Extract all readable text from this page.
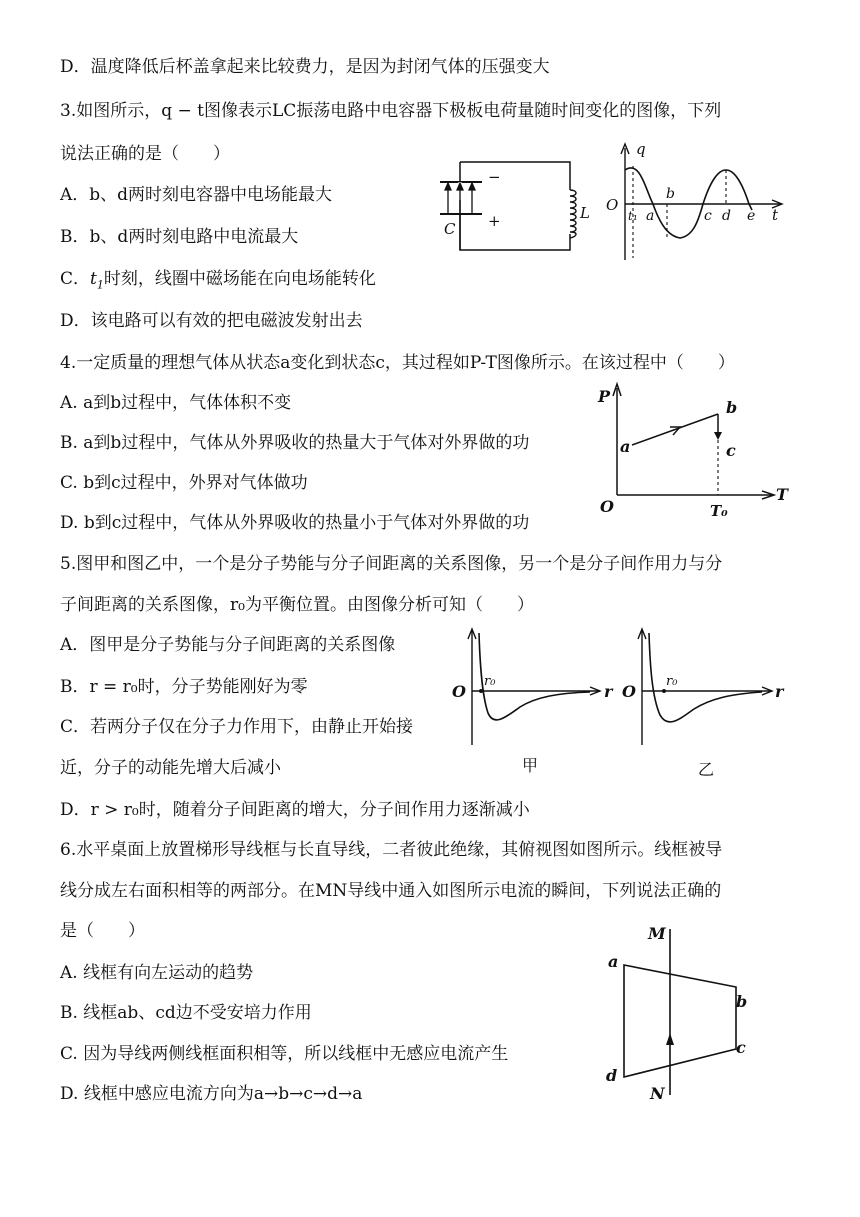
D．温度降低后杯盖拿起来比较费力，是因为封闭气体的压强变大
3.如图所示，q − t图像表示LC振荡电路中电容器下极板电荷量随时间变化的图像，下列
说法正确的是（　　）
A．b、d两时刻电容器中电场能最大
B．b、d两时刻电路中电流最大
C．$t_1$时刻，线圈中磁场能在向电场能转化
D．该电路可以有效的把电磁波发射出去
−
+
C
L
q
O
t₁ a
b
c d e t
4.一定质量的理想气体从状态a变化到状态c，其过程如P-T图像所示。在该过程中（　　）
A. a到b过程中，气体体积不变
B. a到b过程中，气体从外界吸收的热量大于气体对外界做的功
C. b到c过程中，外界对气体做功
D. b到c过程中，气体从外界吸收的热量小于气体对外界做的功
P
T
O
a
b
c
T₀
5.图甲和图乙中，一个是分子势能与分子间距离的关系图像，另一个是分子间作用力与分
子间距离的关系图像，r₀为平衡位置。由图像分析可知（　　）
A．图甲是分子势能与分子间距离的关系图像
B．r = r₀时，分子势能刚好为零
C．若两分子仅在分子力作用下，由静止开始接
近，分子的动能先增大后减小
D．r > r₀时，随着分子间距离的增大，分子间作用力逐渐减小
O
r₀
r
甲
O
r₀
r
乙
6.水平桌面上放置梯形导线框与长直导线，二者彼此绝缘，其俯视图如图所示。线框被导
线分成左右面积相等的两部分。在MN导线中通入如图所示电流的瞬间，下列说法正确的
是（　　）
A. 线框有向左运动的趋势
B. 线框ab、cd边不受安培力作用
C. 因为导线两侧线框面积相等，所以线框中无感应电流产生
D. 线框中感应电流方向为a→b→c→d→a
M
N
a
b
c
d
